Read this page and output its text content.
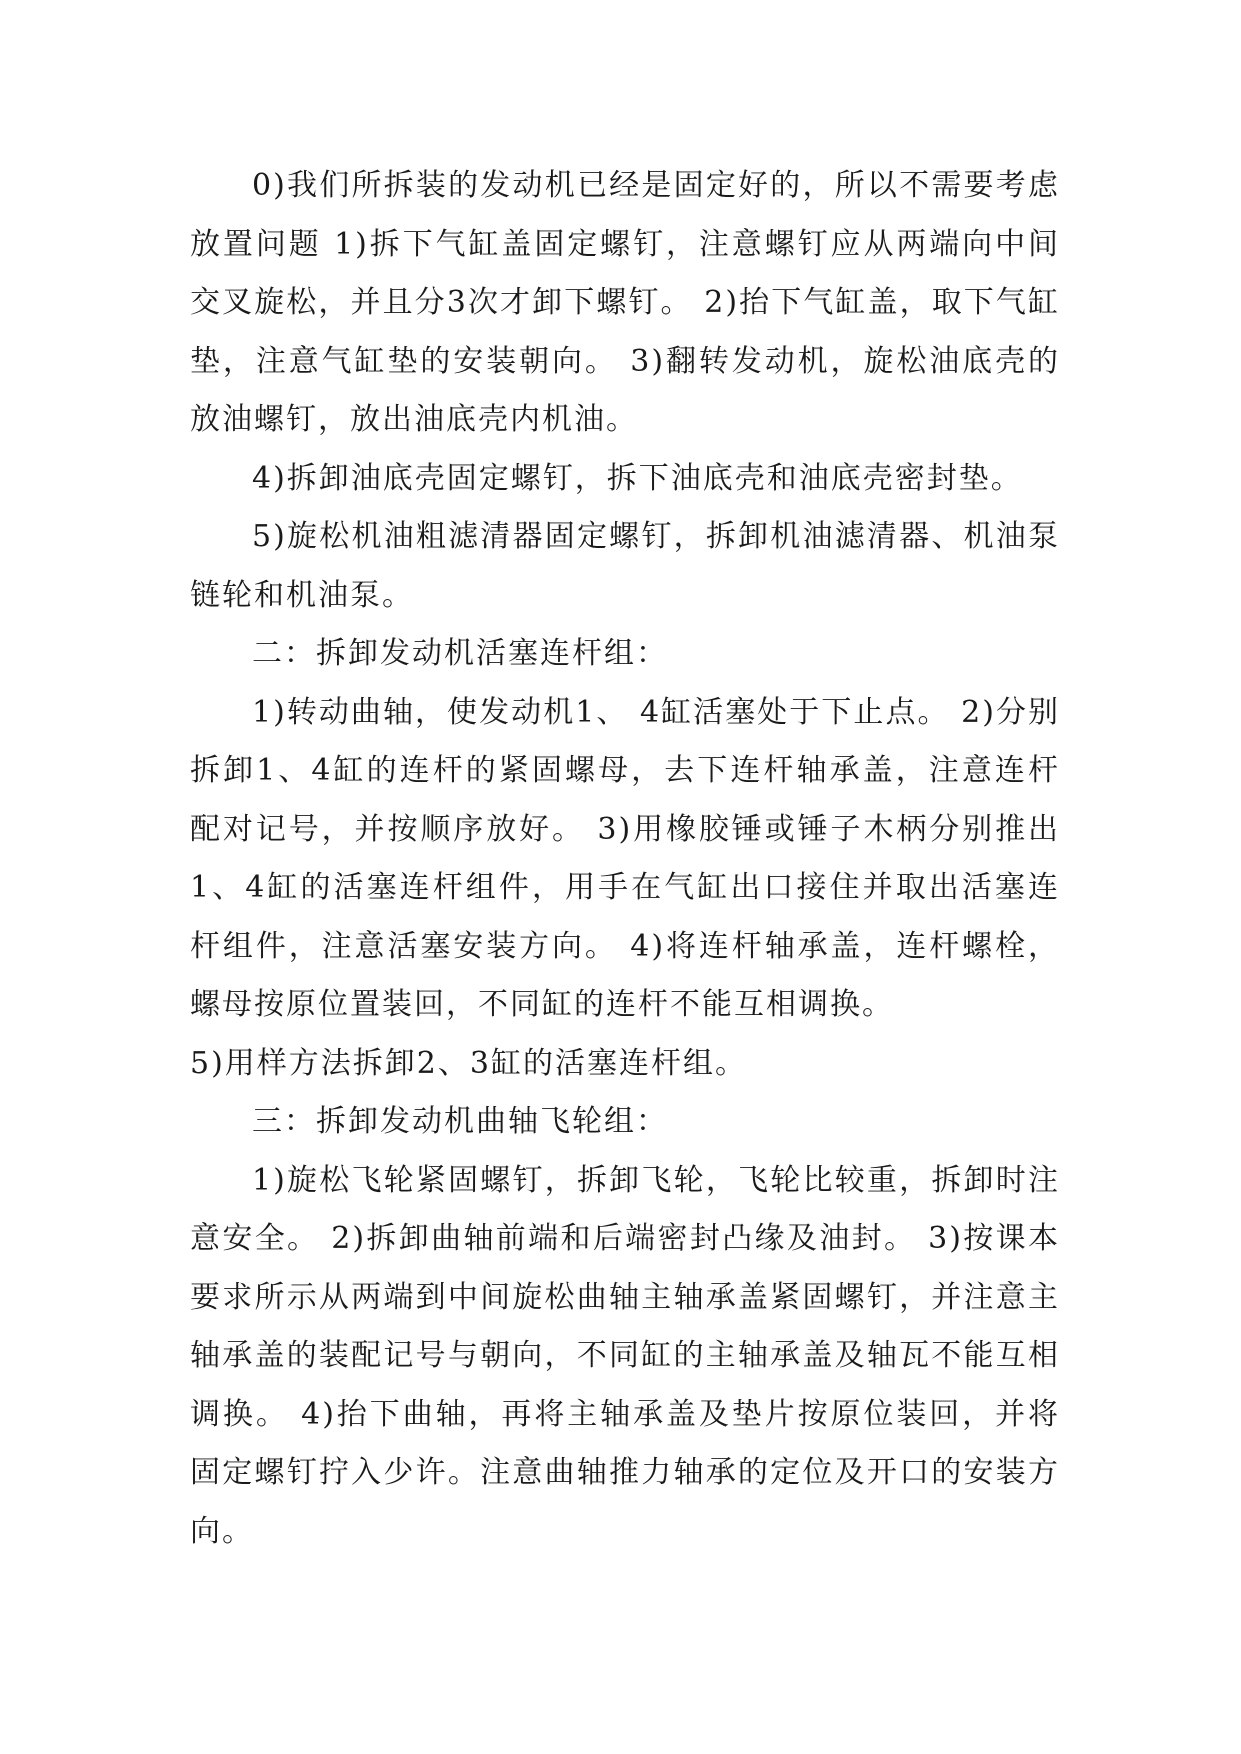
0)我们所拆装的发动机已经是固定好的，所以不需要考虑放置问题 1)拆下气缸盖固定螺钉，注意螺钉应从两端向中间交叉旋松，并且分3次才卸下螺钉。 2)抬下气缸盖，取下气缸垫，注意气缸垫的安装朝向。 3)翻转发动机，旋松油底壳的放油螺钉，放出油底壳内机油。

4)拆卸油底壳固定螺钉，拆下油底壳和油底壳密封垫。

5)旋松机油粗滤清器固定螺钉，拆卸机油滤清器、机油泵链轮和机油泵。

二：拆卸发动机活塞连杆组：

1)转动曲轴，使发动机1、 4缸活塞处于下止点。 2)分别拆卸1、4缸的连杆的紧固螺母，去下连杆轴承盖，注意连杆配对记号，并按顺序放好。 3)用橡胶锤或锤子木柄分别推出1、4缸的活塞连杆组件，用手在气缸出口接住并取出活塞连杆组件，注意活塞安装方向。 4)将连杆轴承盖，连杆螺栓，螺母按原位置装回，不同缸的连杆不能互相调换。

5)用样方法拆卸2、3缸的活塞连杆组。

三：拆卸发动机曲轴飞轮组：

1)旋松飞轮紧固螺钉，拆卸飞轮，飞轮比较重，拆卸时注意安全。 2)拆卸曲轴前端和后端密封凸缘及油封。 3)按课本要求所示从两端到中间旋松曲轴主轴承盖紧固螺钉，并注意主轴承盖的装配记号与朝向，不同缸的主轴承盖及轴瓦不能互相调换。 4)抬下曲轴，再将主轴承盖及垫片按原位装回，并将固定螺钉拧入少许。注意曲轴推力轴承的定位及开口的安装方向。
